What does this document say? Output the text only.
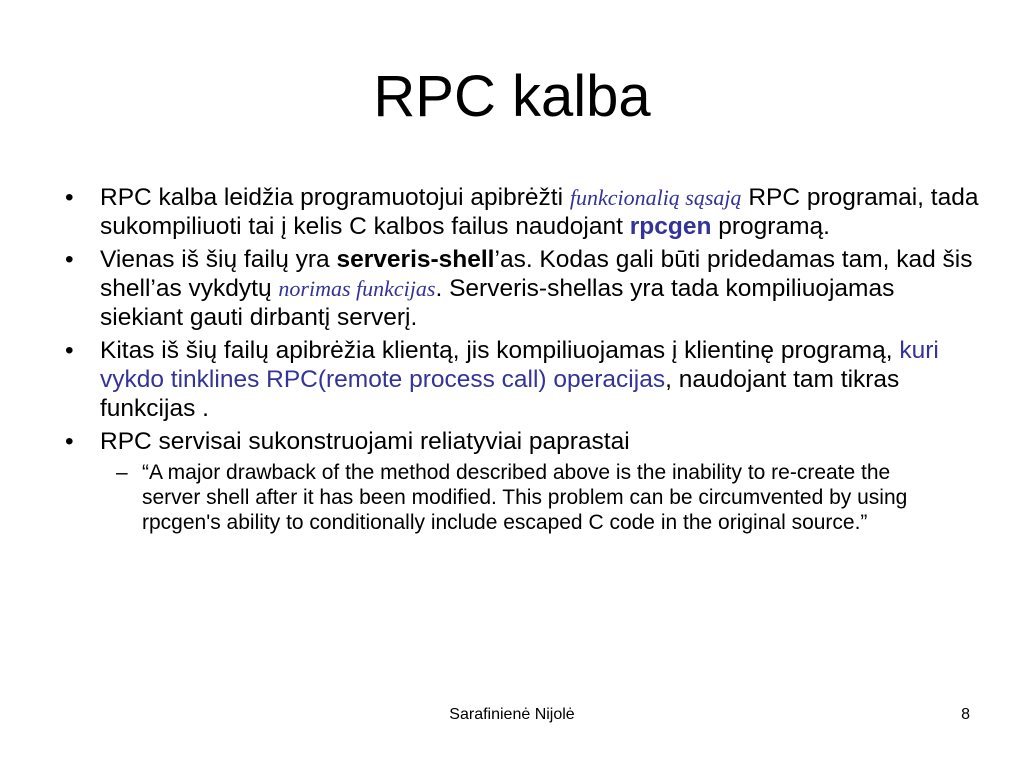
RPC kalba
• RPC kalba leidžia programuotojui apibrėžti funkcionalią sąsają RPC programai, tada sukompiliuoti tai į kelis C kalbos failus naudojant rpcgen programą.
• Vienas iš šių failų yra serveris-shell’as. Kodas gali būti pridedamas tam, kad šis shell’as vykdytų norimas funkcijas. Serveris-shellas yra tada kompiliuojamas siekiant gauti dirbantį serverį.
• Kitas iš šių failų apibrėžia klientą, jis kompiliuojamas į klientinę programą, kuri vykdo tinklines RPC(remote process call) operacijas, naudojant tam tikras funkcijas .
• RPC servisai sukonstruojami reliatyviai paprastai
– “A major drawback of the method described above is the inability to re-create the server shell after it has been modified. This problem can be circumvented by using rpcgen's ability to conditionally include escaped C code in the original source.”
Sarafinienė Nijolė	8
